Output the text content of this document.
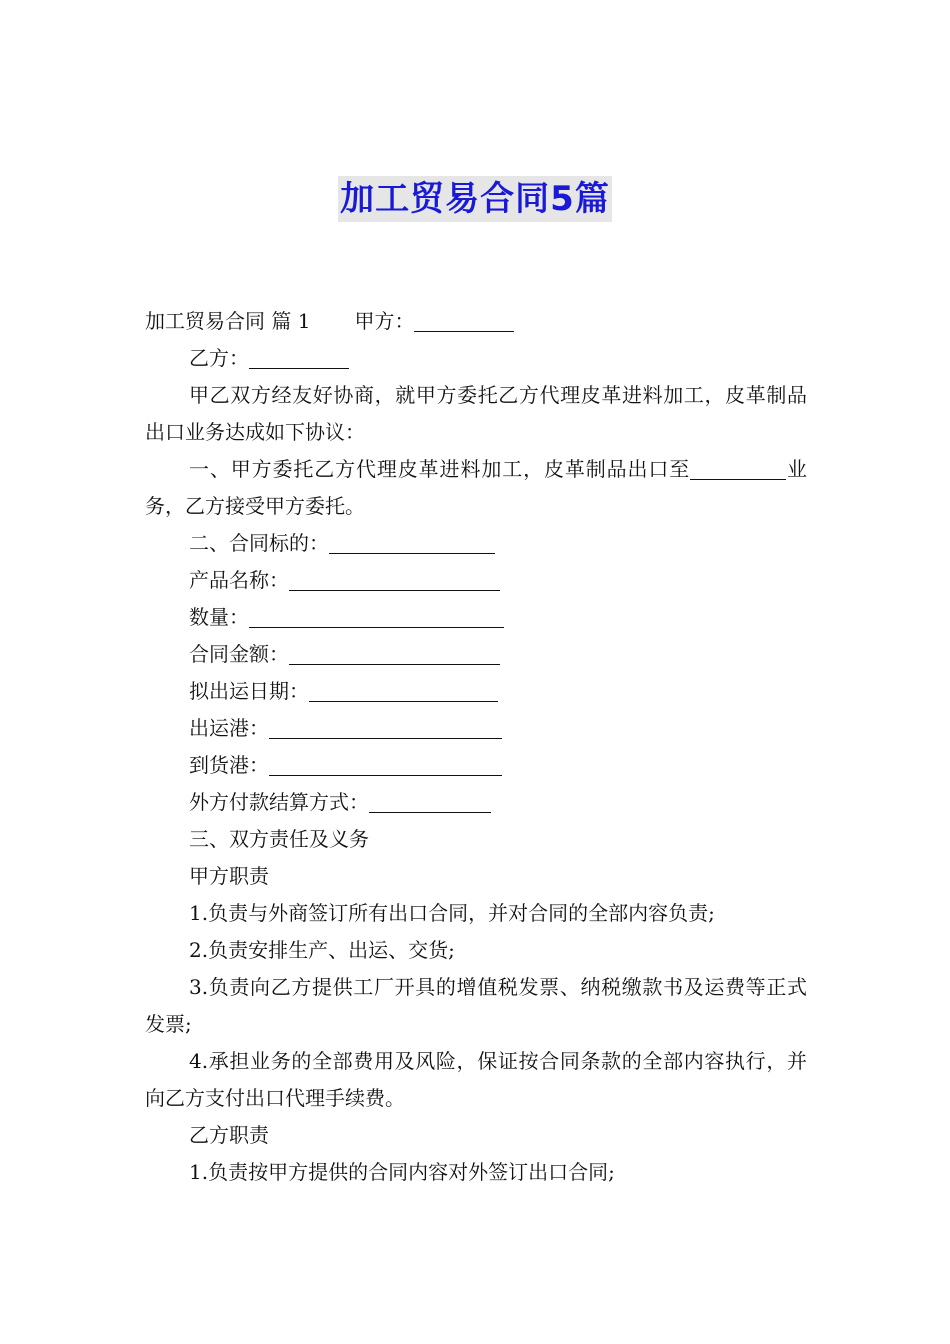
加工贸易合同5篇

加工贸易合同 篇 1 甲方：

乙方：

甲乙双方经友好协商，就甲方委托乙方代理皮革进料加工，皮革制品出口业务达成如下协议：

一、甲方委托乙方代理皮革进料加工，皮革制品出口至	业务，乙方接受甲方委托。

二、合同标的：

产品名称：

数量：

合同金额：

拟出运日期：

出运港：

到货港：

外方付款结算方式：

三、双方责任及义务

甲方职责

1.负责与外商签订所有出口合同，并对合同的全部内容负责;

2.负责安排生产、出运、交货;

3.负责向乙方提供工厂开具的增值税发票、纳税缴款书及运费等正式发票;

4.承担业务的全部费用及风险，保证按合同条款的全部内容执行，并向乙方支付出口代理手续费。

乙方职责

1.负责按甲方提供的合同内容对外签订出口合同;
